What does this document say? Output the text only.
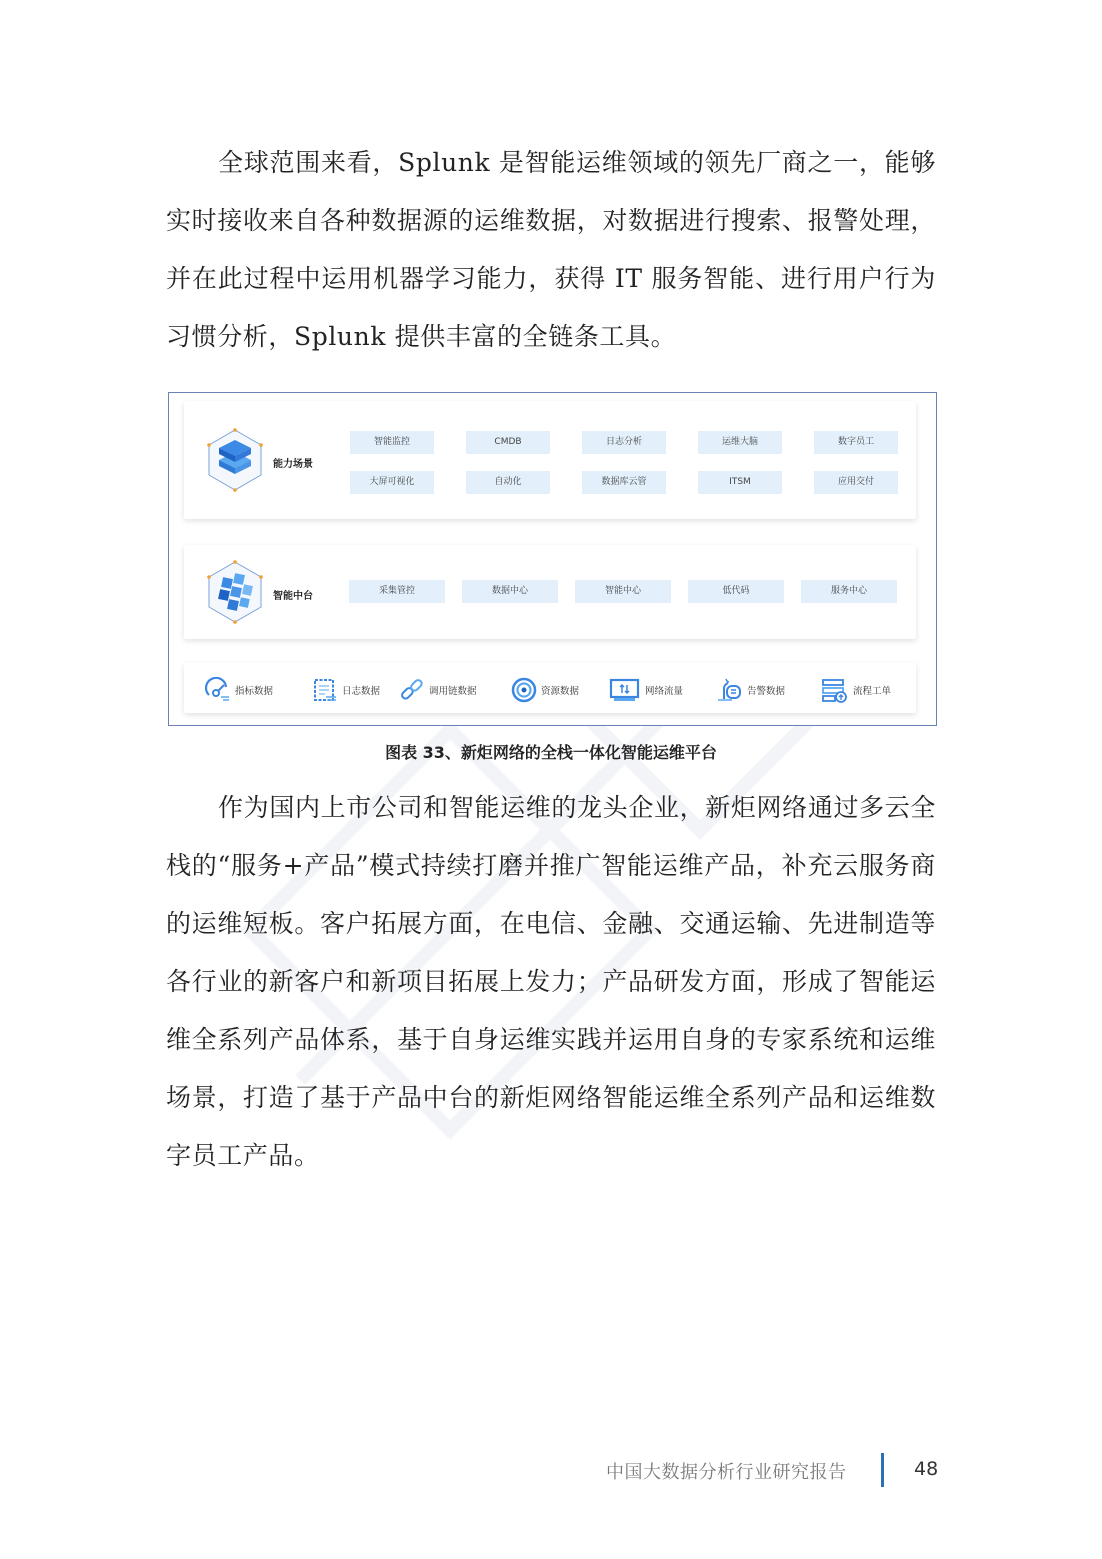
全球范围来看，Splunk 是智能运维领域的领先厂商之一，能够实时接收来自各种数据源的运维数据，对数据进行搜索、报警处理，并在此过程中运用机器学习能力，获得 IT 服务智能、进行用户行为习惯分析，Splunk 提供丰富的全链条工具。

能力场景
智能监控	CMDB	日志分析	运维大脑	数字员工
大屏可视化	自动化	数据库云管	ITSM	应用交付
智能中台	采集管控	数据中心	智能中心	低代码	服务中心
指标数据	日志数据	调用链数据	资源数据	网络流量	告警数据	流程工单
图表 33、新炬网络的全栈一体化智能运维平台

作为国内上市公司和智能运维的龙头企业，新炬网络通过多云全栈的“服务+产品”模式持续打磨并推广智能运维产品，补充云服务商的运维短板。客户拓展方面，在电信、金融、交通运输、先进制造等各行业的新客户和新项目拓展上发力；产品研发方面，形成了智能运维全系列产品体系，基于自身运维实践并运用自身的专家系统和运维场景，打造了基于产品中台的新炬网络智能运维全系列产品和运维数字员工产品。

中国大数据分析行业研究报告	48
